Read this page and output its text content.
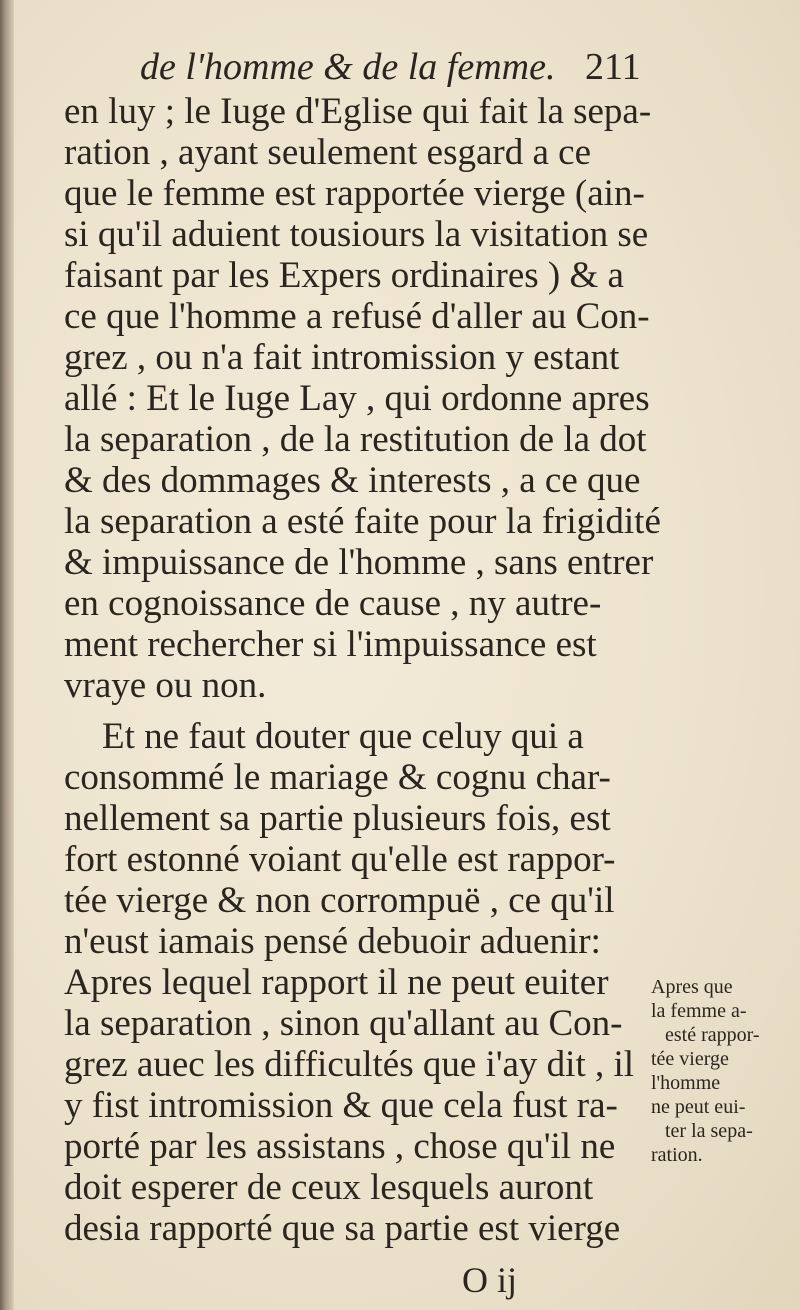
de l'homme & de la femme. 211
en luy ; le Iuge d'Eglise qui fait la sepa-
ration , ayant seulement esgard a ce
que le femme est rapportée vierge (ain-
si qu'il aduient tousiours la visitation se
faisant par les Expers ordinaires ) & a
ce que l'homme a refusé d'aller au Con-
grez , ou n'a fait intromission y estant
allé : Et le Iuge Lay , qui ordonne apres
la separation , de la restitution de la dot
& des dommages & interests , a ce que
la separation a esté faite pour la frigidité
& impuissance de l'homme , sans entrer
en cognoissance de cause , ny autre-
ment rechercher si l'impuissance est
vraye ou non.
Et ne faut douter que celuy qui a
consommé le mariage & cognu char-
nellement sa partie plusieurs fois, est
fort estonné voiant qu'elle est rappor-
tée vierge & non corrompuë , ce qu'il
n'eust iamais pensé debuoir aduenir:
Apres lequel rapport il ne peut euiter
la separation , sinon qu'allant au Con-
grez auec les difficultés que i'ay dit , il
y fist intromission & que cela fust ra-
porté par les assistans , chose qu'il ne
doit esperer de ceux lesquels auront
desia rapporté que sa partie est vierge
Apres que
la femme a-
esté rappor-
tée vierge
l'homme
ne peut eui-
ter la sepa-
ration.
O ij
